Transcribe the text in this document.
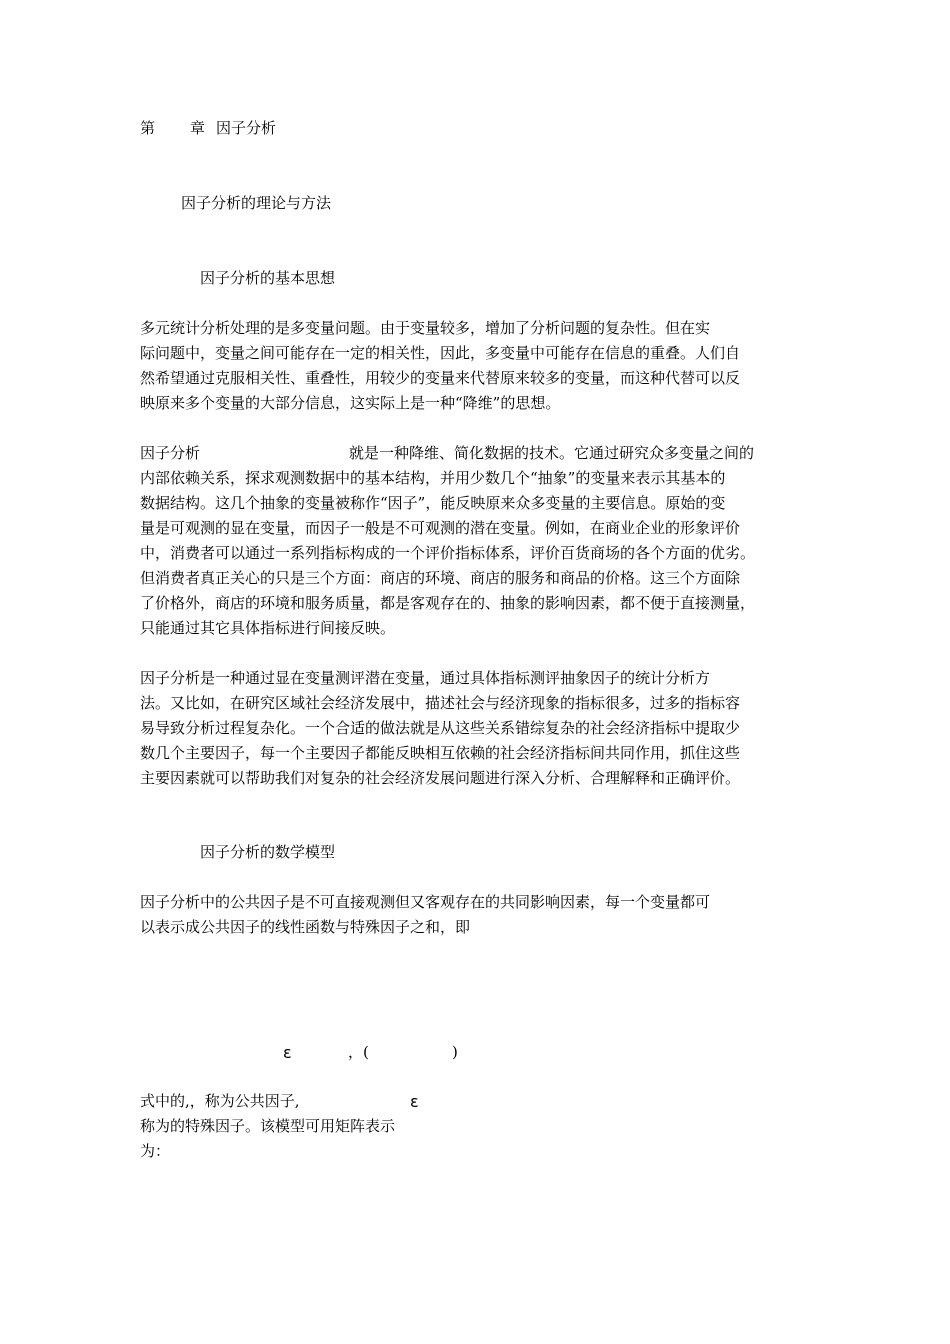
第 章 因子分析
因子分析的理论与方法
因子分析的基本思想
多元统计分析处理的是多变量问题。由于变量较多，增加了分析问题的复杂性。但在实
际问题中，变量之间可能存在一定的相关性，因此，多变量中可能存在信息的重叠。人们自
然希望通过克服相关性、重叠性，用较少的变量来代替原来较多的变量，而这种代替可以反
映原来多个变量的大部分信息，这实际上是一种“降维”的思想。
因子分析	就是一种降维、简化数据的技术。它通过研究众多变量之间的
内部依赖关系，探求观测数据中的基本结构，并用少数几个“抽象”的变量来表示其基本的
数据结构。这几个抽象的变量被称作“因子”，能反映原来众多变量的主要信息。原始的变
量是可观测的显在变量，而因子一般是不可观测的潜在变量。例如，在商业企业的形象评价
中，消费者可以通过一系列指标构成的一个评价指标体系，评价百货商场的各个方面的优劣。
但消费者真正关心的只是三个方面：商店的环境、商店的服务和商品的价格。这三个方面除
了价格外，商店的环境和服务质量，都是客观存在的、抽象的影响因素，都不便于直接测量，
只能通过其它具体指标进行间接反映。
因子分析是一种通过显在变量测评潜在变量，通过具体指标测评抽象因子的统计分析方
法。又比如，在研究区域社会经济发展中，描述社会与经济现象的指标很多，过多的指标容
易导致分析过程复杂化。一个合适的做法就是从这些关系错综复杂的社会经济指标中提取少
数几个主要因子，每一个主要因子都能反映相互依赖的社会经济指标间共同作用，抓住这些
主要因素就可以帮助我们对复杂的社会经济发展问题进行深入分析、合理解释和正确评价。
因子分析的数学模型
因子分析中的公共因子是不可直接观测但又客观存在的共同影响因素，每一个变量都可
以表示成公共因子的线性函数与特殊因子之和，即
ε	，(	)
式中的,，称为公共因子,	ε
称为的特殊因子。该模型可用矩阵表示
为：
